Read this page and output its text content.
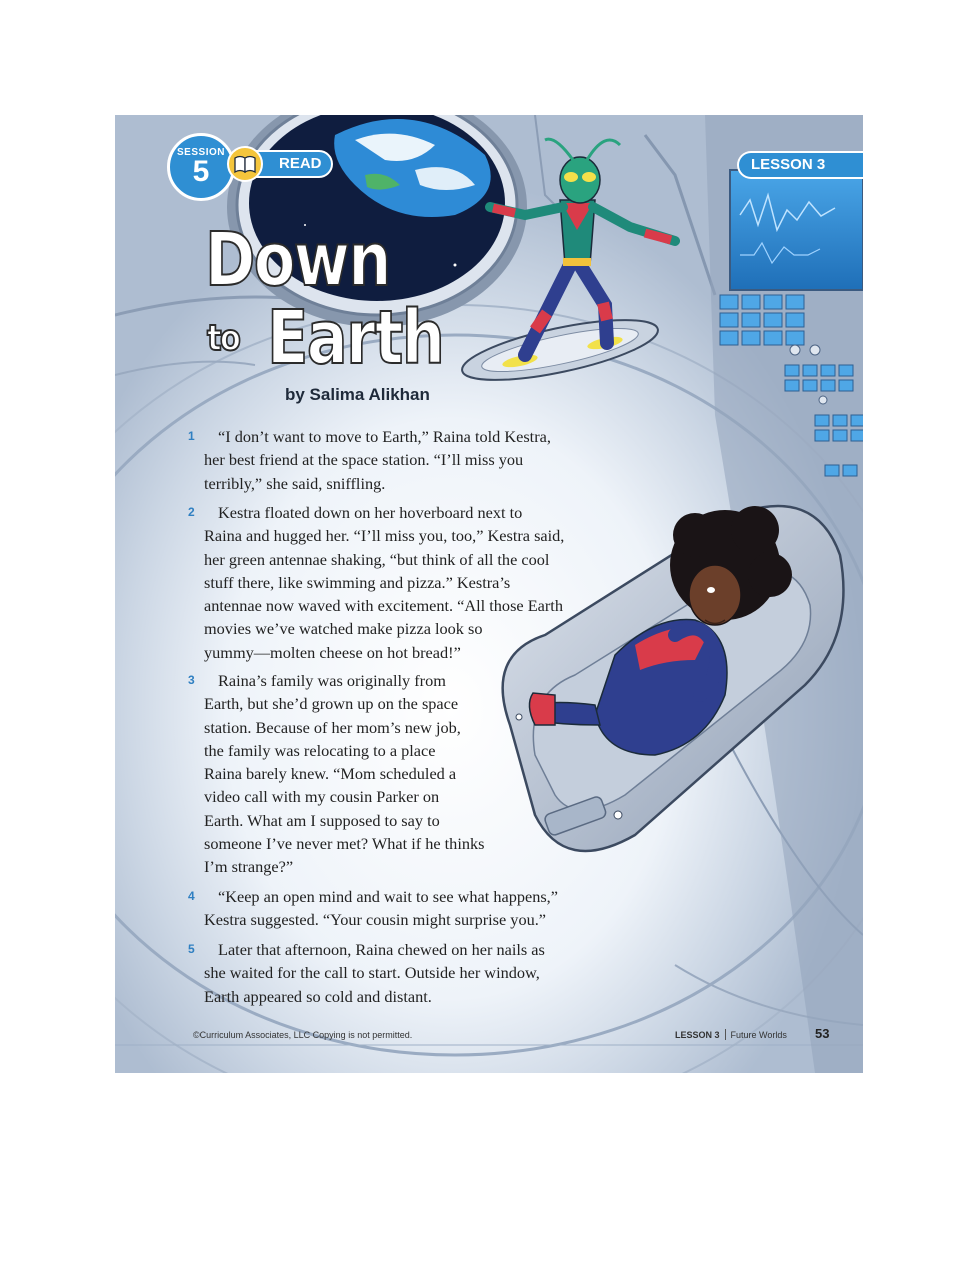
SESSION
5	READ	LESSON 3
Down
to Earth
by Salima Alikhan
1	“I don’t want to move to Earth,” Raina told Kestra,
her best friend at the space station. “I’ll miss you
terribly,” she said, sniffling.
2	Kestra floated down on her hoverboard next to
Raina and hugged her. “I’ll miss you, too,” Kestra said,
her green antennae shaking, “but think of all the cool
stuff there, like swimming and pizza.” Kestra’s
antennae now waved with excitement. “All those Earth
movies we’ve watched make pizza look so
yummy—molten cheese on hot bread!”
3	Raina’s family was originally from
Earth, but she’d grown up on the space
station. Because of her mom’s new job,
the family was relocating to a place
Raina barely knew. “Mom scheduled a
video call with my cousin Parker on
Earth. What am I supposed to say to
someone I’ve never met? What if he thinks
I’m strange?”
4	“Keep an open mind and wait to see what happens,”
Kestra suggested. “Your cousin might surprise you.”
5	Later that afternoon, Raina chewed on her nails as
she waited for the call to start. Outside her window,
Earth appeared so cold and distant.
©Curriculum Associates, LLC Copying is not permitted.	LESSON 3 Future Worlds 53
